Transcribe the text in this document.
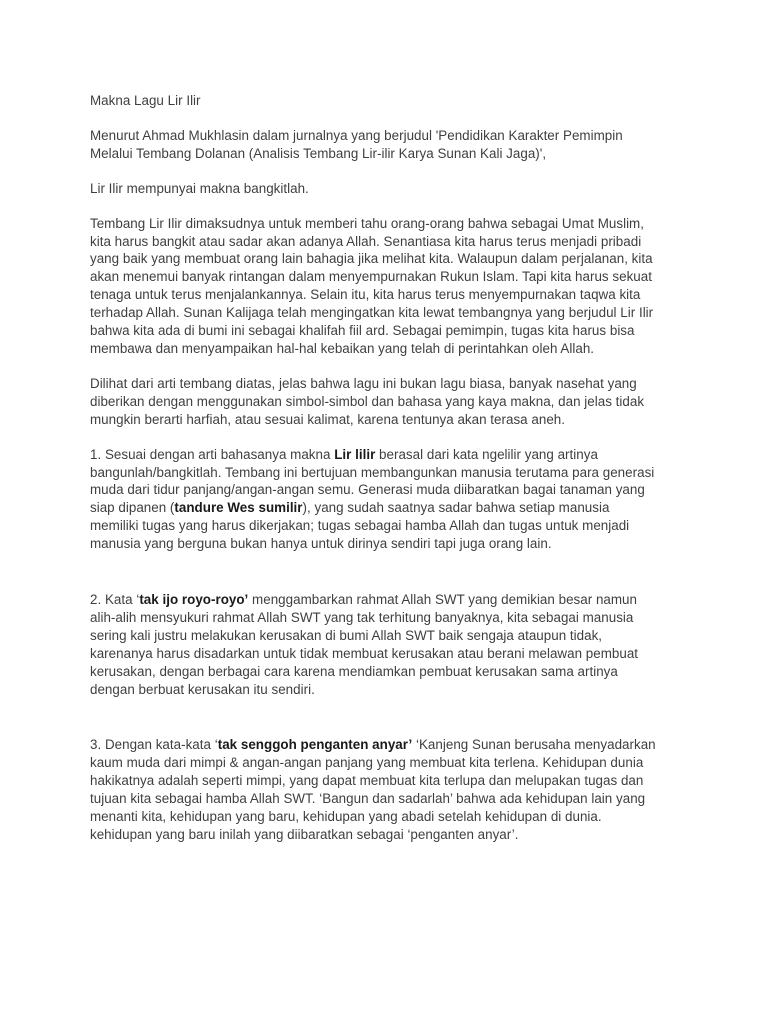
Makna Lagu Lir Ilir

Menurut Ahmad Mukhlasin dalam jurnalnya yang berjudul 'Pendidikan Karakter Pemimpin
Melalui Tembang Dolanan (Analisis Tembang Lir-ilir Karya Sunan Kali Jaga)',

Lir Ilir mempunyai makna bangkitlah.

Tembang Lir Ilir dimaksudnya untuk memberi tahu orang-orang bahwa sebagai Umat Muslim,
kita harus bangkit atau sadar akan adanya Allah. Senantiasa kita harus terus menjadi pribadi
yang baik yang membuat orang lain bahagia jika melihat kita. Walaupun dalam perjalanan, kita
akan menemui banyak rintangan dalam menyempurnakan Rukun Islam. Tapi kita harus sekuat
tenaga untuk terus menjalankannya. Selain itu, kita harus terus menyempurnakan taqwa kita
terhadap Allah. Sunan Kalijaga telah mengingatkan kita lewat tembangnya yang berjudul Lir Ilir
bahwa kita ada di bumi ini sebagai khalifah fiil ard. Sebagai pemimpin, tugas kita harus bisa
membawa dan menyampaikan hal-hal kebaikan yang telah di perintahkan oleh Allah.

Dilihat dari arti tembang diatas, jelas bahwa lagu ini bukan lagu biasa, banyak nasehat yang
diberikan dengan menggunakan simbol-simbol dan bahasa yang kaya makna, dan jelas tidak
mungkin berarti harfiah, atau sesuai kalimat, karena tentunya akan terasa aneh.

1. Sesuai dengan arti bahasanya makna Lir lilir berasal dari kata ngelilir yang artinya
bangunlah/bangkitlah. Tembang ini bertujuan membangunkan manusia terutama para generasi
muda dari tidur panjang/angan-angan semu. Generasi muda diibaratkan bagai tanaman yang
siap dipanen (tandure Wes sumilir), yang sudah saatnya sadar bahwa setiap manusia
memiliki tugas yang harus dikerjakan; tugas sebagai hamba Allah dan tugas untuk menjadi
manusia yang berguna bukan hanya untuk dirinya sendiri tapi juga orang lain.

2. Kata ‘tak ijo royo-royo’ menggambarkan rahmat Allah SWT yang demikian besar namun
alih-alih mensyukuri rahmat Allah SWT yang tak terhitung banyaknya, kita sebagai manusia
sering kali justru melakukan kerusakan di bumi Allah SWT baik sengaja ataupun tidak,
karenanya harus disadarkan untuk tidak membuat kerusakan atau berani melawan pembuat
kerusakan, dengan berbagai cara karena mendiamkan pembuat kerusakan sama artinya
dengan berbuat kerusakan itu sendiri.

3. Dengan kata-kata ‘tak senggoh penganten anyar’ ‘Kanjeng Sunan berusaha menyadarkan
kaum muda dari mimpi & angan-angan panjang yang membuat kita terlena. Kehidupan dunia
hakikatnya adalah seperti mimpi, yang dapat membuat kita terlupa dan melupakan tugas dan
tujuan kita sebagai hamba Allah SWT. ‘Bangun dan sadarlah’ bahwa ada kehidupan lain yang
menanti kita, kehidupan yang baru, kehidupan yang abadi setelah kehidupan di dunia.
kehidupan yang baru inilah yang diibaratkan sebagai ‘penganten anyar’.
